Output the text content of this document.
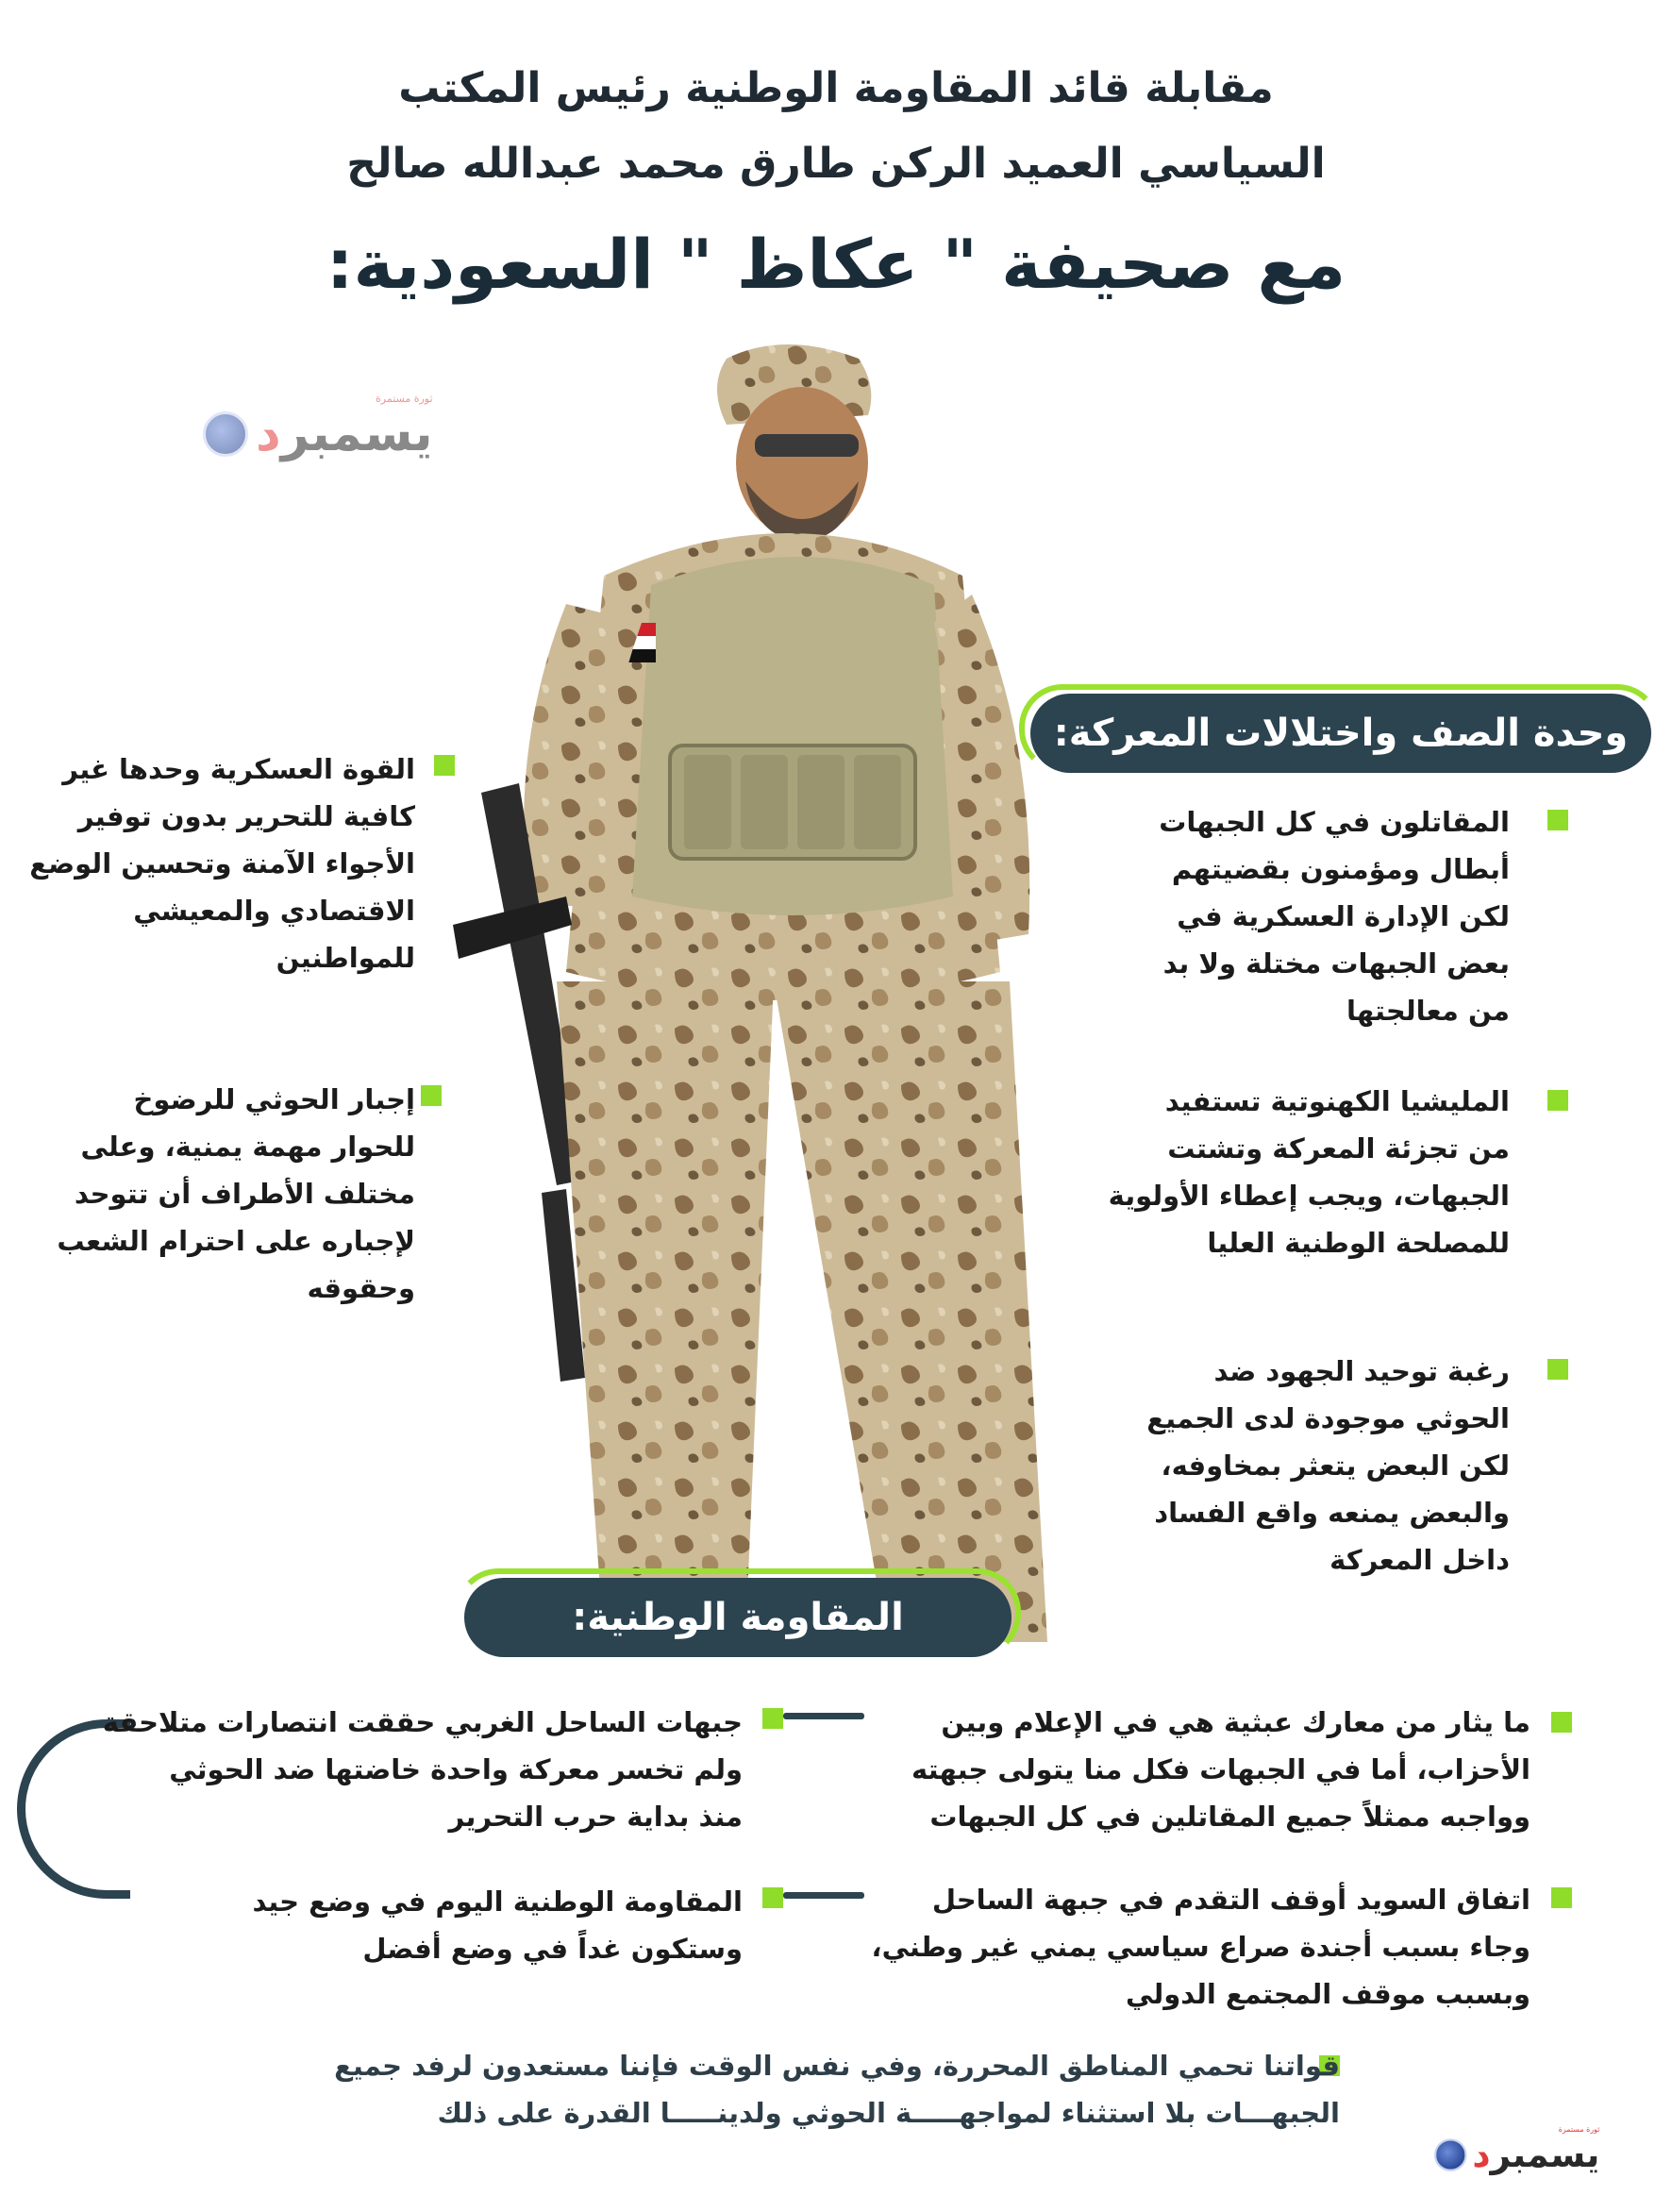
مقابلة قائد المقاومة الوطنية رئيس المكتب
السياسي العميد الركن طارق محمد عبدالله صالح
مع صحيفة " عكاظ " السعودية:
ثورة مستمرة
يسمبرد
وحدة الصف واختلالات المعركة:
القوة العسكرية وحدها غير
كافية للتحرير بدون توفير
الأجواء الآمنة وتحسين الوضع
الاقتصادي والمعيشي
للمواطنين
إجبار الحوثي للرضوخ
للحوار مهمة يمنية، وعلى
مختلف الأطراف أن تتوحد
لإجباره على احترام الشعب
وحقوقه
المقاتلون في كل الجبهات
أبطال ومؤمنون بقضيتهم
لكن الإدارة العسكرية في
بعض الجبهات مختلة ولا بد
من معالجتها
المليشيا الكهنوتية تستفيد
من تجزئة المعركة وتشتت
الجبهات، ويجب إعطاء الأولوية
للمصلحة الوطنية العليا
رغبة توحيد الجهود ضد
الحوثي موجودة لدى الجميع
لكن البعض يتعثر بمخاوفه،
والبعض يمنعه واقع الفساد
داخل المعركة
المقاومة الوطنية:
ما يثار من معارك عبثية هي في الإعلام وبين
الأحزاب، أما في الجبهات فكل منا يتولى جبهته
وواجبه ممثلاً جميع المقاتلين في كل الجبهات
اتفاق السويد أوقف التقدم في جبهة الساحل
وجاء بسبب أجندة صراع سياسي يمني غير وطني،
وبسبب موقف المجتمع الدولي
جبهات الساحل الغربي حققت انتصارات متلاحقة
ولم تخسر معركة واحدة خاضتها ضد الحوثي
منذ بداية حرب التحرير
المقاومة الوطنية اليوم في وضع جيد
وستكون غداً في وضع أفضل
قواتنا تحمي المناطق المحررة، وفي نفس الوقت فإننا مستعدون لرفد جميع
الجبهـــات بلا استثناء لمواجهـــــة الحوثي ولدينـــــا القدرة على ذلك
ثورة مستمرة
يسمبرد
